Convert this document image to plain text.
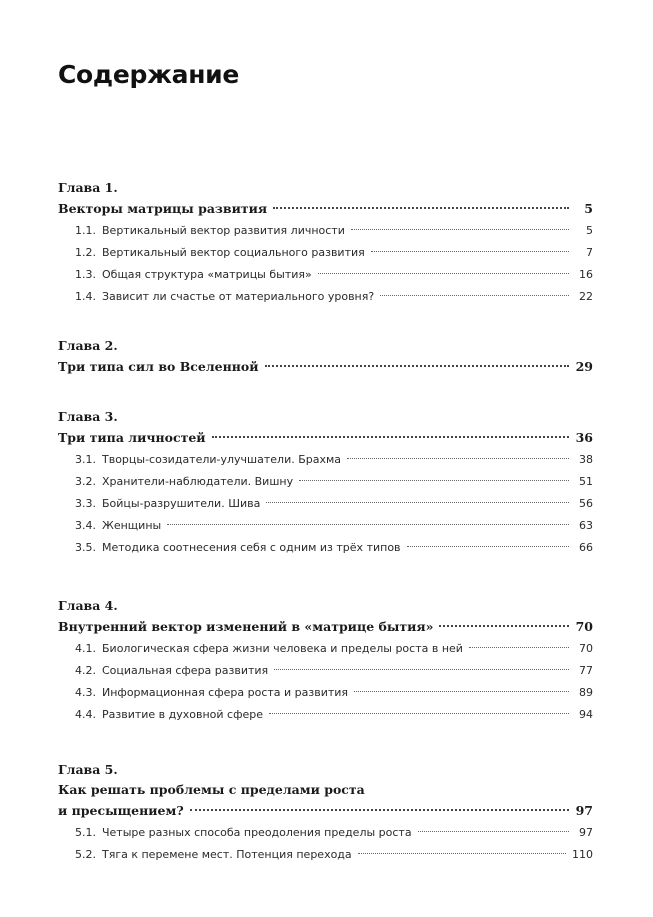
Содержание
Глава 1.
Векторы матрицы развития	5
1.1. Вертикальный вектор развития личности	5
1.2. Вертикальный вектор социального развития	7
1.3. Общая структура «матрицы бытия»	16
1.4. Зависит ли счастье от материального уровня?	22
Глава 2.
Три типа сил во Вселенной	29
Глава 3.
Три типа личностей	36
3.1. Творцы-созидатели-улучшатели. Брахма	38
3.2. Хранители-наблюдатели. Вишну	51
3.3. Бойцы-разрушители. Шива	56
3.4. Женщины	63
3.5. Методика соотнесения себя с одним из трёх типов	66
Глава 4.
Внутренний вектор изменений в «матрице бытия»	70
4.1. Биологическая сфера жизни человека и пределы роста в ней	70
4.2. Социальная сфера развития	77
4.3. Информационная сфера роста и развития	89
4.4. Развитие в духовной сфере	94
Глава 5.
Как решать проблемы с пределами роста
и пресыщением?	97
5.1. Четыре разных способа преодоления пределы роста	97
5.2. Тяга к перемене мест. Потенция перехода	110
